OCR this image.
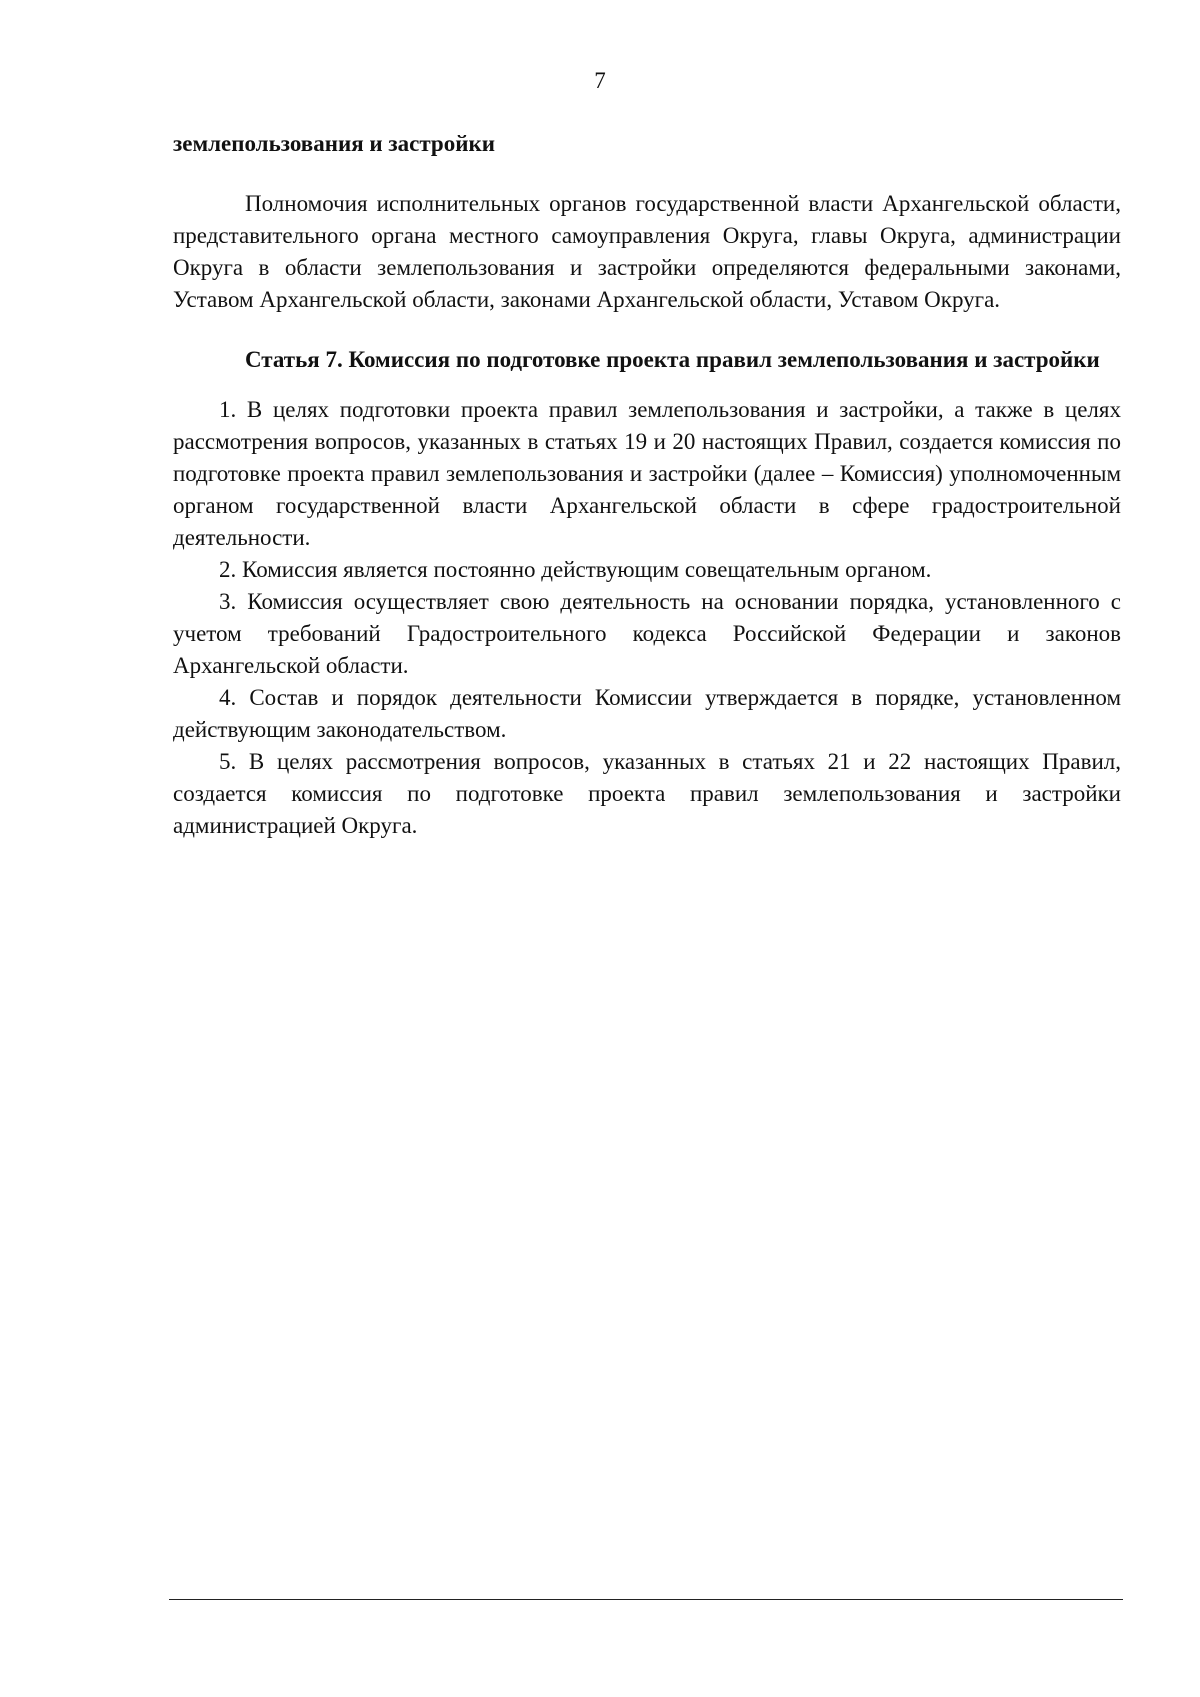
7

землепользования и застройки

Полномочия исполнительных органов государственной власти Архангельской области, представительного органа местного самоуправления Округа, главы Округа, администрации Округа в области землепользования и застройки определяются федеральными законами, Уставом Архангельской области, законами Архангельской области, Уставом Округа.

Статья 7. Комиссия по подготовке проекта правил землепользования и застройки

1. В целях подготовки проекта правил землепользования и застройки, а также в целях рассмотрения вопросов, указанных в статьях 19 и 20 настоящих Правил, создается комиссия по подготовке проекта правил землепользования и застройки (далее – Комиссия) уполномоченным органом государственной власти Архангельской области в сфере градостроительной деятельности.

2. Комиссия является постоянно действующим совещательным органом.

3. Комиссия осуществляет свою деятельность на основании порядка, установленного с учетом требований Градостроительного кодекса Российской Федерации и законов Архангельской области.

4. Состав и порядок деятельности Комиссии утверждается в порядке, установленном действующим законодательством.

5. В целях рассмотрения вопросов, указанных в статьях 21 и 22 настоящих Правил, создается комиссия по подготовке проекта правил землепользования и застройки администрацией Округа.
